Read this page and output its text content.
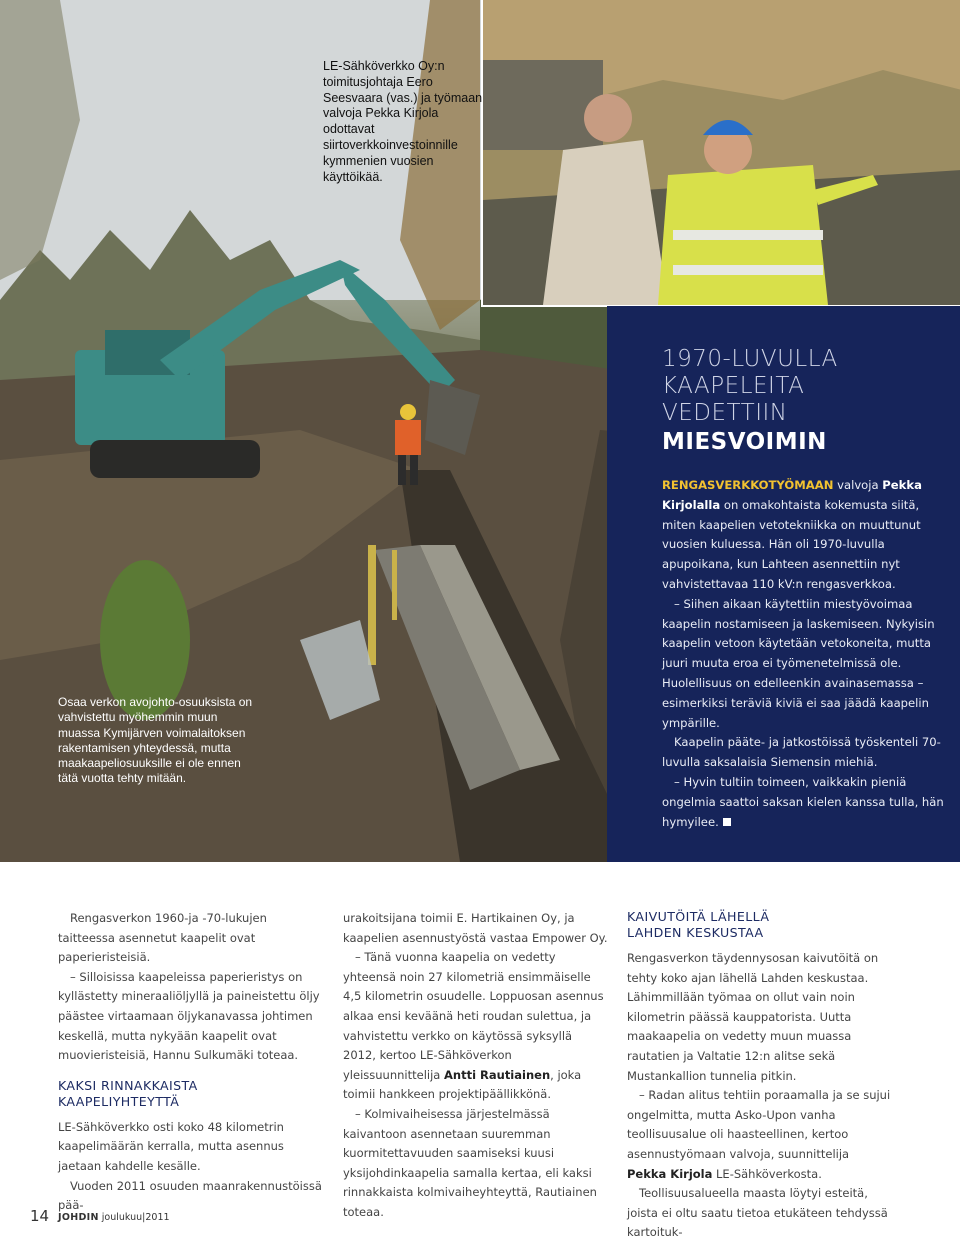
LE-Sähköverkko Oy:n toimitusjohtaja Eero Seesvaara (vas.) ja työmaan valvoja Pekka Kirjola odottavat siirtoverkkoinvestoinnille kymmenien vuosien käyttöikää.
Osaa verkon avojohto-osuuksista on vahvistettu myöhemmin muun muassa Kymijärven voimalaitoksen rakentamisen yhteydessä, mutta maakaapeliosuuksille ei ole ennen tätä vuotta tehty mitään.
1970-LUVULLA
KAAPELEITA
VEDETTIIN
MIESVOIMIN

RENGASVERKKOTYÖMAAN valvoja Pekka Kirjolalla on omakohtaista kokemusta siitä, miten kaapelien vetotekniikka on muuttunut vuosien kuluessa. Hän oli 1970-luvulla apupoikana, kun Lahteen asennettiin nyt vahvistettavaa 110 kV:n rengasverkkoa.

– Siihen aikaan käytettiin miestyövoimaa kaapelin nostamiseen ja laskemiseen. Nykyisin kaapelin vetoon käytetään vetokoneita, mutta juuri muuta eroa ei työmenetelmissä ole. Huolellisuus on edelleenkin avainasemassa – esimerkiksi teräviä kiviä ei saa jäädä kaapelin ympärille.

Kaapelin pääte- ja jatkostöissä työskenteli 70-luvulla saksalaisia Siemensin miehiä.

– Hyvin tultiin toimeen, vaikkakin pieniä ongelmia saattoi saksan kielen kanssa tulla, hän hymyilee.

Rengasverkon 1960-ja -70-lukujen taitteessa asennetut kaapelit ovat paperieristeisiä.

– Silloisissa kaapeleissa paperieristys on kyllästetty mineraaliöljyllä ja paineistettu öljy päästee virtaamaan öljykanavassa johtimen keskellä, mutta nykyään kaapelit ovat muovieristeisiä, Hannu Sulkumäki toteaa.

KAKSI RINNAKKAISTA
KAAPELIYHTEYTTÄ

LE-Sähköverkko osti koko 48 kilometrin kaapelimäärän kerralla, mutta asennus jaetaan kahdelle kesälle.

Vuoden 2011 osuuden maanrakennustöissä pää-

urakoitsijana toimii E. Hartikainen Oy, ja kaapelien asennustyöstä vastaa Empower Oy.

– Tänä vuonna kaapelia on vedetty yhteensä noin 27 kilometriä ensimmäiselle 4,5 kilometrin osuudelle. Loppuosan asennus alkaa ensi keväänä heti roudan sulettua, ja vahvistettu verkko on käytössä syksyllä 2012, kertoo LE-Sähköverkon yleissuunnittelija Antti Rautiainen, joka toimii hankkeen projektipäällikkönä.

– Kolmivaiheisessa järjestelmässä kaivantoon asennetaan suuremman kuormitettavuuden saamiseksi kuusi yksijohdinkaapelia samalla kertaa, eli kaksi rinnakkaista kolmivaiheyhteyttä, Rautiainen toteaa.

KAIVUTÖITÄ LÄHELLÄ
LAHDEN KESKUSTAA

Rengasverkon täydennysosan kaivutöitä on tehty koko ajan lähellä Lahden keskustaa. Lähimmillään työmaa on ollut vain noin kilometrin päässä kauppatorista. Uutta maakaapelia on vedetty muun muassa rautatien ja Valtatie 12:n alitse sekä Mustankallion tunnelia pitkin.

– Radan alitus tehtiin poraamalla ja se sujui ongelmitta, mutta Asko-Upon vanha teollisuusalue oli haasteellinen, kertoo asennustyömaan valvoja, suunnittelija Pekka Kirjola LE-Sähköverkosta.

Teollisuusalueella maasta löytyi esteitä, joista ei oltu saatu tietoa etukäteen tehdyssä kartoituk-

14 JOHDIN joulukuu|2011
